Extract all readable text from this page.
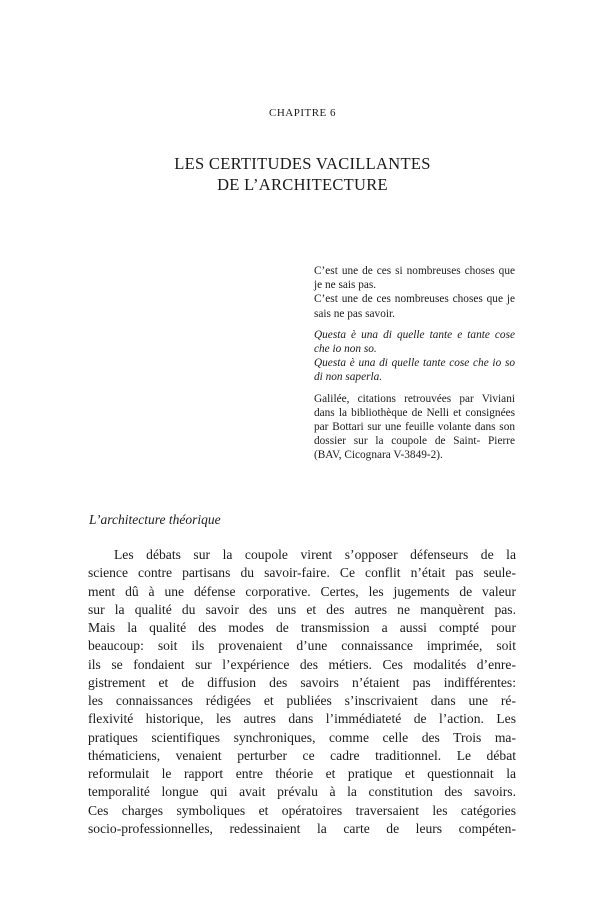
CHAPITRE 6
LES CERTITUDES VACILLANTES
DE L’ARCHITECTURE

C’est une de ces si nombreuses choses que je ne sais pas.

C’est une de ces nombreuses choses que je sais ne pas savoir.

Questa è una di quelle tante e tante cose che io non so.

Questa è una di quelle tante cose che io so di non saperla.

Galilée, citations retrouvées par Viviani dans la bibliothèque de Nelli et consignées par Bottari sur une feuille volante dans son dossier sur la coupole de Saint- Pierre (BAV, Cicognara V-3849-2).

L’architecture théorique
Les débats sur la coupole virent s’opposer défenseurs de la
science contre partisans du savoir-faire. Ce conflit n’était pas seule-
ment dû à une défense corporative. Certes, les jugements de valeur
sur la qualité du savoir des uns et des autres ne manquèrent pas.
Mais la qualité des modes de transmission a aussi compté pour
beaucoup: soit ils provenaient d’une connaissance imprimée, soit
ils se fondaient sur l’expérience des métiers. Ces modalités d’enre-
gistrement et de diffusion des savoirs n’étaient pas indifférentes:
les connaissances rédigées et publiées s’inscrivaient dans une ré-
flexivité historique, les autres dans l’immédiateté de l’action. Les
pratiques scientifiques synchroniques, comme celle des Trois ma-
thématiciens, venaient perturber ce cadre traditionnel. Le débat
reformulait le rapport entre théorie et pratique et questionnait la
temporalité longue qui avait prévalu à la constitution des savoirs.
Ces charges symboliques et opératoires traversaient les catégories
socio-professionnelles, redessinaient la carte de leurs compéten-
